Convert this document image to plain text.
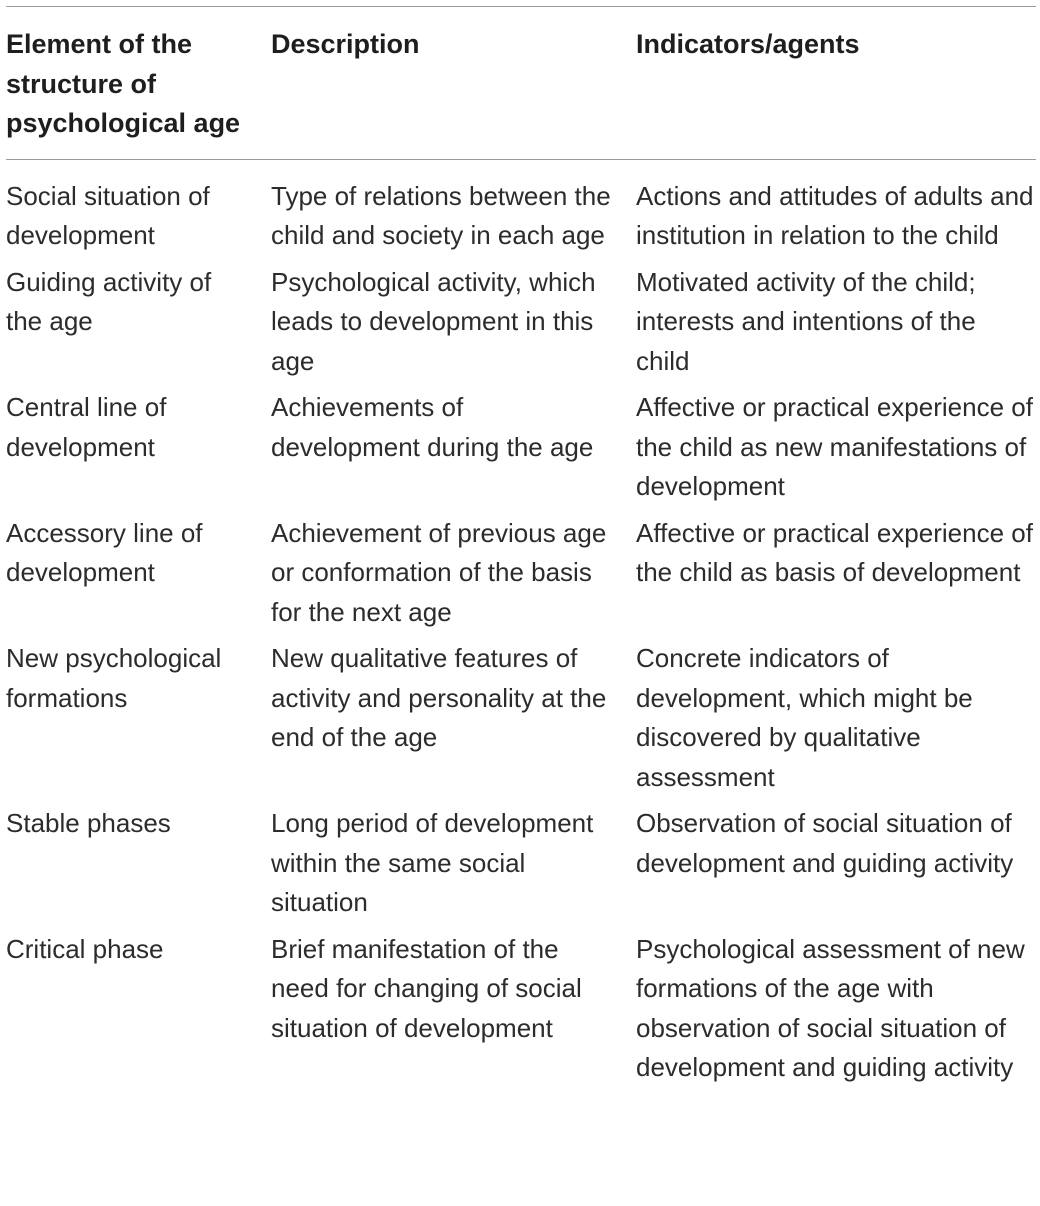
Element of the structure of psychological age	Description	Indicators/agents
Social situation of development	Type of relations between the child and society in each age	Actions and attitudes of adults and institution in relation to the child
Guiding activity of the age	Psychological activity, which leads to development in this age	Motivated activity of the child; interests and intentions of the child
Central line of development	Achievements of development during the age	Affective or practical experience of the child as new manifestations of development
Accessory line of development	Achievement of previous age or conformation of the basis for the next age	Affective or practical experience of the child as basis of development
New psychological formations	New qualitative features of activity and personality at the end of the age	Concrete indicators of development, which might be discovered by qualitative assessment
Stable phases	Long period of development within the same social situation	Observation of social situation of development and guiding activity
Critical phase	Brief manifestation of the need for changing of social situation of development	Psychological assessment of new formations of the age with observation of social situation of development and guiding activity
